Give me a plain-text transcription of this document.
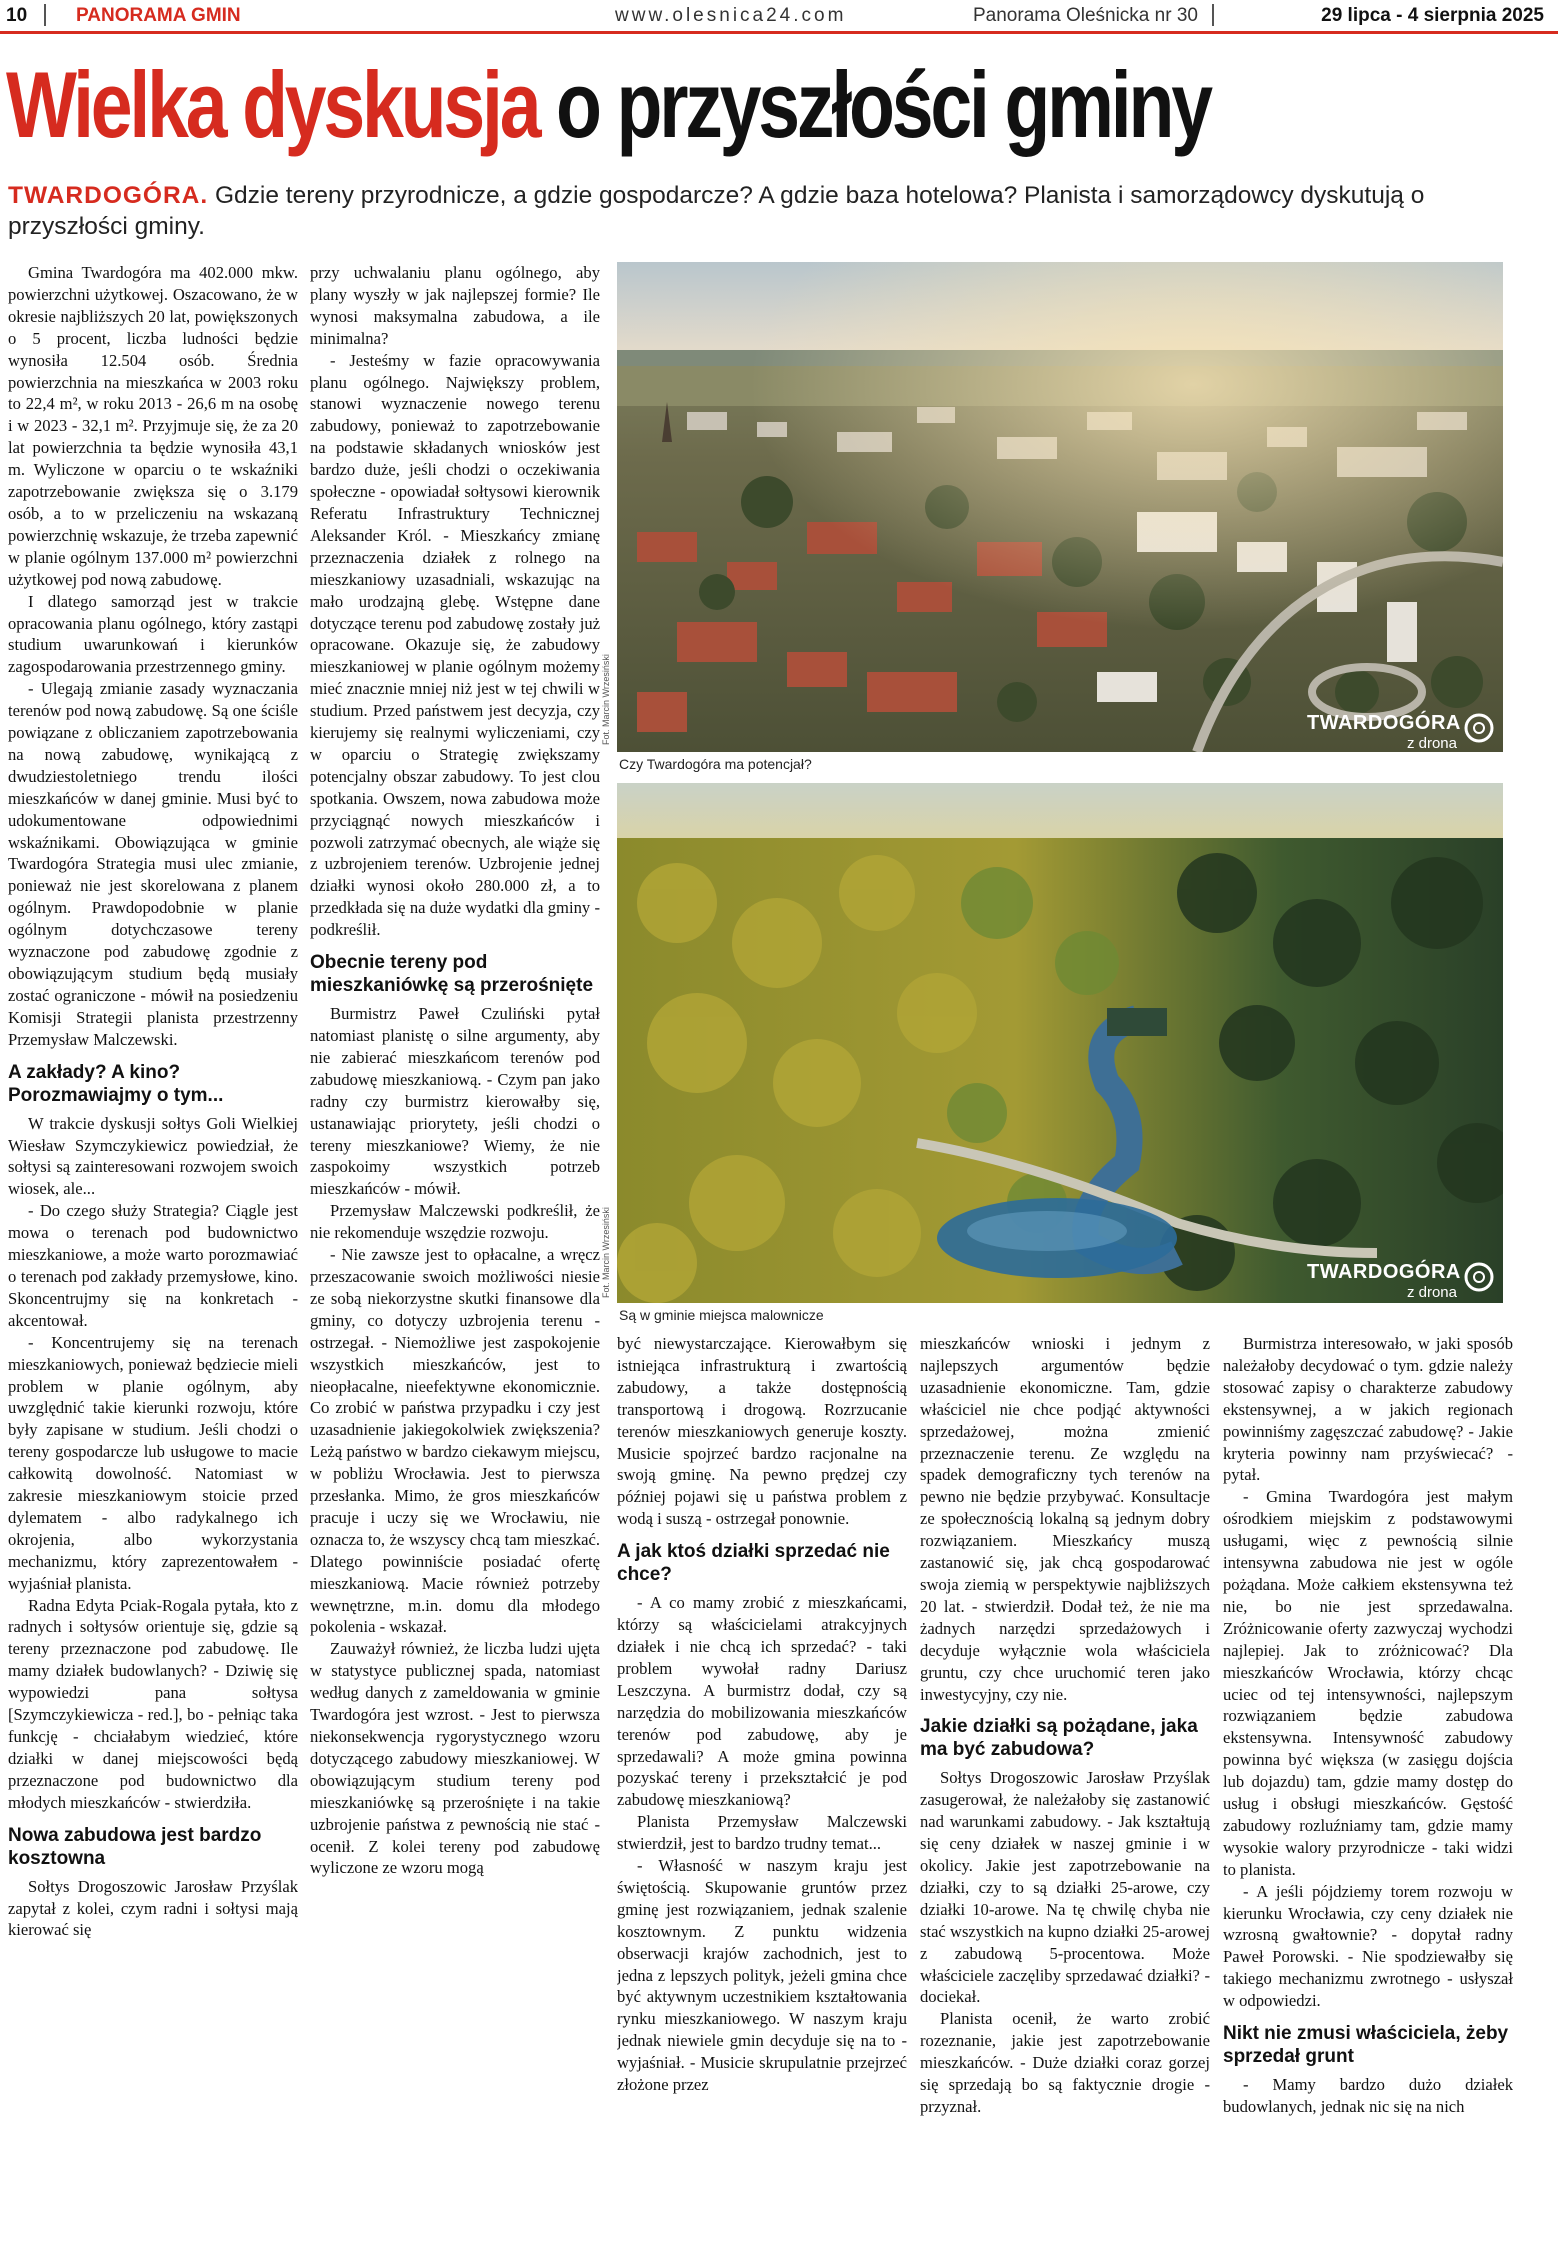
10	PANORAMA GMIN	www.olesnica24.com	Panorama Oleśnicka nr 30	29 lipca - 4 sierpnia 2025
Wielka dyskusja o przyszłości gminy
TWARDOGÓRA. Gdzie tereny przyrodnicze, a gdzie gospodarcze? A gdzie baza hotelowa? Planista i samorządowcy dyskutują o przyszłości gminy.

Gmina Twardogóra ma 402.000 mkw. powierzchni użytkowej. Oszacowano, że w okresie najbliższych 20 lat, powiększonych o 5 procent, liczba ludności będzie wynosiła 12.504 osób. Średnia powierzchnia na mieszkańca w 2003 roku to 22,4 m², w roku 2013 - 26,6 m na osobę i w 2023 - 32,1 m². Przyjmuje się, że za 20 lat powierzchnia ta będzie wynosiła 43,1 m. Wyliczone w oparciu o te wskaźniki zapotrzebowanie zwiększa się o 3.179 osób, a to w przeliczeniu na wskazaną powierzchnię wskazuje, że trzeba zapewnić w planie ogólnym 137.000 m² powierzchni użytkowej pod nową zabudowę.

I dlatego samorząd jest w trakcie opracowania planu ogólnego, który zastąpi studium uwarunkowań i kierunków zagospodarowania przestrzennego gminy.

- Ulegają zmianie zasady wyznaczania terenów pod nową zabudowę. Są one ściśle powiązane z obliczaniem zapotrzebowania na nową zabudowę, wynikającą z dwudziestoletniego trendu ilości mieszkańców w danej gminie. Musi być to udokumentowane odpowiednimi wskaźnikami. Obowiązująca w gminie Twardogóra Strategia musi ulec zmianie, ponieważ nie jest skorelowana z planem ogólnym. Prawdopodobnie w planie ogólnym dotychczasowe tereny wyznaczone pod zabudowę zgodnie z obowiązującym studium będą musiały zostać ograniczone - mówił na posiedzeniu Komisji Strategii planista przestrzenny Przemysław Malczewski.

A zakłady? A kino? Porozmawiajmy o tym...

W trakcie dyskusji sołtys Goli Wielkiej Wiesław Szymczykiewicz powiedział, że sołtysi są zainteresowani rozwojem swoich wiosek, ale...

- Do czego służy Strategia? Ciągle jest mowa o terenach pod budownictwo mieszkaniowe, a może warto porozmawiać o terenach pod zakłady przemysłowe, kino. Skoncentrujmy się na konkretach - akcentował.

- Koncentrujemy się na terenach mieszkaniowych, ponieważ będziecie mieli problem w planie ogólnym, aby uwzględnić takie kierunki rozwoju, które były zapisane w studium. Jeśli chodzi o tereny gospodarcze lub usługowe to macie całkowitą dowolność. Natomiast w zakresie mieszkaniowym stoicie przed dylematem - albo radykalnego ich okrojenia, albo wykorzystania mechanizmu, który zaprezentowałem - wyjaśniał planista.

Radna Edyta Pciak-Rogala pytała, kto z radnych i sołtysów orientuje się, gdzie są tereny przeznaczone pod zabudowę. Ile mamy działek budowlanych? - Dziwię się wypowiedzi pana sołtysa [Szymczykiewicza - red.], bo - pełniąc taka funkcję - chciałabym wiedzieć, które działki w danej miejscowości będą przeznaczone pod budownictwo dla młodych mieszkańców - stwierdziła.

Nowa zabudowa jest bardzo kosztowna

Sołtys Drogoszowic Jarosław Przyślak zapytał z kolei, czym radni i sołtysi mają kierować się

przy uchwalaniu planu ogólnego, aby plany wyszły w jak najlepszej formie? Ile wynosi maksymalna zabudowa, a ile minimalna?

- Jesteśmy w fazie opracowywania planu ogólnego. Największy problem, stanowi wyznaczenie nowego terenu zabudowy, ponieważ to zapotrzebowanie na podstawie składanych wniosków jest bardzo duże, jeśli chodzi o oczekiwania społeczne - opowiadał sołtysowi kierownik Referatu Infrastruktury Technicznej Aleksander Król. - Mieszkańcy zmianę przeznaczenia działek z rolnego na mieszkaniowy uzasadniali, wskazując na mało urodzajną glebę. Wstępne dane dotyczące terenu pod zabudowę zostały już opracowane. Okazuje się, że zabudowy mieszkaniowej w planie ogólnym możemy mieć znacznie mniej niż jest w tej chwili w studium. Przed państwem jest decyzja, czy kierujemy się realnymi wyliczeniami, czy w oparciu o Strategię zwiększamy potencjalny obszar zabudowy. To jest clou spotkania. Owszem, nowa zabudowa może przyciągnąć nowych mieszkańców i pozwoli zatrzymać obecnych, ale wiąże się z uzbrojeniem terenów. Uzbrojenie jednej działki wynosi około 280.000 zł, a to przedkłada się na duże wydatki dla gminy - podkreślił.

Obecnie tereny pod mieszkaniówkę są przerośnięte

Burmistrz Paweł Czuliński pytał natomiast planistę o silne argumenty, aby nie zabierać mieszkańcom terenów pod zabudowę mieszkaniową. - Czym pan jako radny czy burmistrz kierowałby się, ustanawiając priorytety, jeśli chodzi o tereny mieszkaniowe? Wiemy, że nie zaspokoimy wszystkich potrzeb mieszkańców - mówił.

Przemysław Malczewski podkreślił, że nie rekomenduje wszędzie rozwoju.

- Nie zawsze jest to opłacalne, a wręcz przeszacowanie swoich możliwości niesie ze sobą niekorzystne skutki finansowe dla gminy, co dotyczy uzbrojenia terenu - ostrzegał. - Niemożliwe jest zaspokojenie wszystkich mieszkańców, jest to nieopłacalne, nieefektywne ekonomicznie. Co zrobić w państwa przypadku i czy jest uzasadnienie jakiegokolwiek zwiększenia? Leżą państwo w bardzo ciekawym miejscu, w pobliżu Wrocławia. Jest to pierwsza przesłanka. Mimo, że gros mieszkańców pracuje i uczy się we Wrocławiu, nie oznacza to, że wszyscy chcą tam mieszkać. Dlatego powinniście posiadać ofertę mieszkaniową. Macie również potrzeby wewnętrzne, m.in. domu dla młodego pokolenia - wskazał.

Zauważył również, że liczba ludzi ujęta w statystyce publicznej spada, natomiast według danych z zameldowania w gminie Twardogóra jest wzrost. - Jest to pierwsza niekonsekwencja rygorystycznego wzoru dotyczącego zabudowy mieszkaniowej. W obowiązującym studium tereny pod mieszkaniówkę są przerośnięte i na takie uzbrojenie państwa z pewnością nie stać - ocenił. Z kolei tereny pod zabudowę wyliczone ze wzoru mogą

TWARDOGÓRA
z drona
Fot. Marcin Wrzesiński
Czy Twardogóra ma potencjał?
TWARDOGÓRA
z drona
Fot. Marcin Wrzesiński
Są w gminie miejsca malownicze

być niewystarczające. Kierowałbym się istniejąca infrastrukturą i zwartością zabudowy, a także dostępnością transportową i drogową. Rozrzucanie terenów mieszkaniowych generuje koszty. Musicie spojrzeć bardzo racjonalne na swoją gminę. Na pewno prędzej czy później pojawi się u państwa problem z wodą i suszą - ostrzegał ponownie.

A jak ktoś działki sprzedać nie chce?

- A co mamy zrobić z mieszkańcami, którzy są właścicielami atrakcyjnych działek i nie chcą ich sprzedać? - taki problem wywołał radny Dariusz Leszczyna. A burmistrz dodał, czy są narzędzia do mobilizowania mieszkańców terenów pod zabudowę, aby je sprzedawali? A może gmina powinna pozyskać tereny i przekształcić je pod zabudowę mieszkaniową?

Planista Przemysław Malczewski stwierdził, jest to bardzo trudny temat...

- Własność w naszym kraju jest świętością. Skupowanie gruntów przez gminę jest rozwiązaniem, jednak szalenie kosztownym. Z punktu widzenia obserwacji krajów zachodnich, jest to jedna z lepszych polityk, jeżeli gmina chce być aktywnym uczestnikiem kształtowania rynku mieszkaniowego. W naszym kraju jednak niewiele gmin decyduje się na to - wyjaśniał. - Musicie skrupulatnie przejrzeć złożone przez

mieszkańców wnioski i jednym z najlepszych argumentów będzie uzasadnienie ekonomiczne. Tam, gdzie właściciel nie chce podjąć aktywności sprzedażowej, można zmienić przeznaczenie terenu. Ze względu na spadek demograficzny tych terenów na pewno nie będzie przybywać. Konsultacje ze społecznością lokalną są jednym dobry rozwiązaniem. Mieszkańcy muszą zastanowić się, jak chcą gospodarować swoja ziemią w perspektywie najbliższych 20 lat. - stwierdził. Dodał też, że nie ma żadnych narzędzi sprzedażowych i decyduje wyłącznie wola właściciela gruntu, czy chce uruchomić teren jako inwestycyjny, czy nie.

Jakie działki są pożądane, jaka ma być zabudowa?

Sołtys Drogoszowic Jarosław Przyślak zasugerował, że należałoby się zastanowić nad warunkami zabudowy. - Jak kształtują się ceny działek w naszej gminie i w okolicy. Jakie jest zapotrzebowanie na działki, czy to są działki 25-arowe, czy działki 10-arowe. Na tę chwilę chyba nie stać wszystkich na kupno działki 25-arowej z zabudową 5-procentowa. Może właściciele zaczęliby sprzedawać działki? - dociekał.

Planista ocenił, że warto zrobić rozeznanie, jakie jest zapotrzebowanie mieszkańców. - Duże działki coraz gorzej się sprzedają bo są faktycznie drogie - przyznał.

Burmistrza interesowało, w jaki sposób należałoby decydować o tym. gdzie należy stosować zapisy o charakterze zabudowy ekstensywnej, a w jakich regionach powinniśmy zagęszczać zabudowę? - Jakie kryteria powinny nam przyświecać? - pytał.

- Gmina Twardogóra jest małym ośrodkiem miejskim z podstawowymi usługami, więc z pewnością silnie intensywna zabudowa nie jest w ogóle pożądana. Może całkiem ekstensywna też nie, bo nie jest sprzedawalna. Zróżnicowanie oferty zazwyczaj wychodzi najlepiej. Jak to zróżnicować? Dla mieszkańców Wrocławia, którzy chcąc uciec od tej intensywności, najlepszym rozwiązaniem będzie zabudowa ekstensywna. Intensywność zabudowy powinna być większa (w zasięgu dojścia lub dojazdu) tam, gdzie mamy dostęp do usług i obsługi mieszkańców. Gęstość zabudowy rozluźniamy tam, gdzie mamy wysokie walory przyrodnicze - taki widzi to planista.

- A jeśli pójdziemy torem rozwoju w kierunku Wrocławia, czy ceny działek nie wzrosną gwałtownie? - dopytał radny Paweł Porowski. - Nie spodziewałby się takiego mechanizmu zwrotnego - usłyszał w odpowiedzi.

Nikt nie zmusi właściciela, żeby sprzedał grunt

- Mamy bardzo dużo działek budowlanych, jednak nic się na nich
